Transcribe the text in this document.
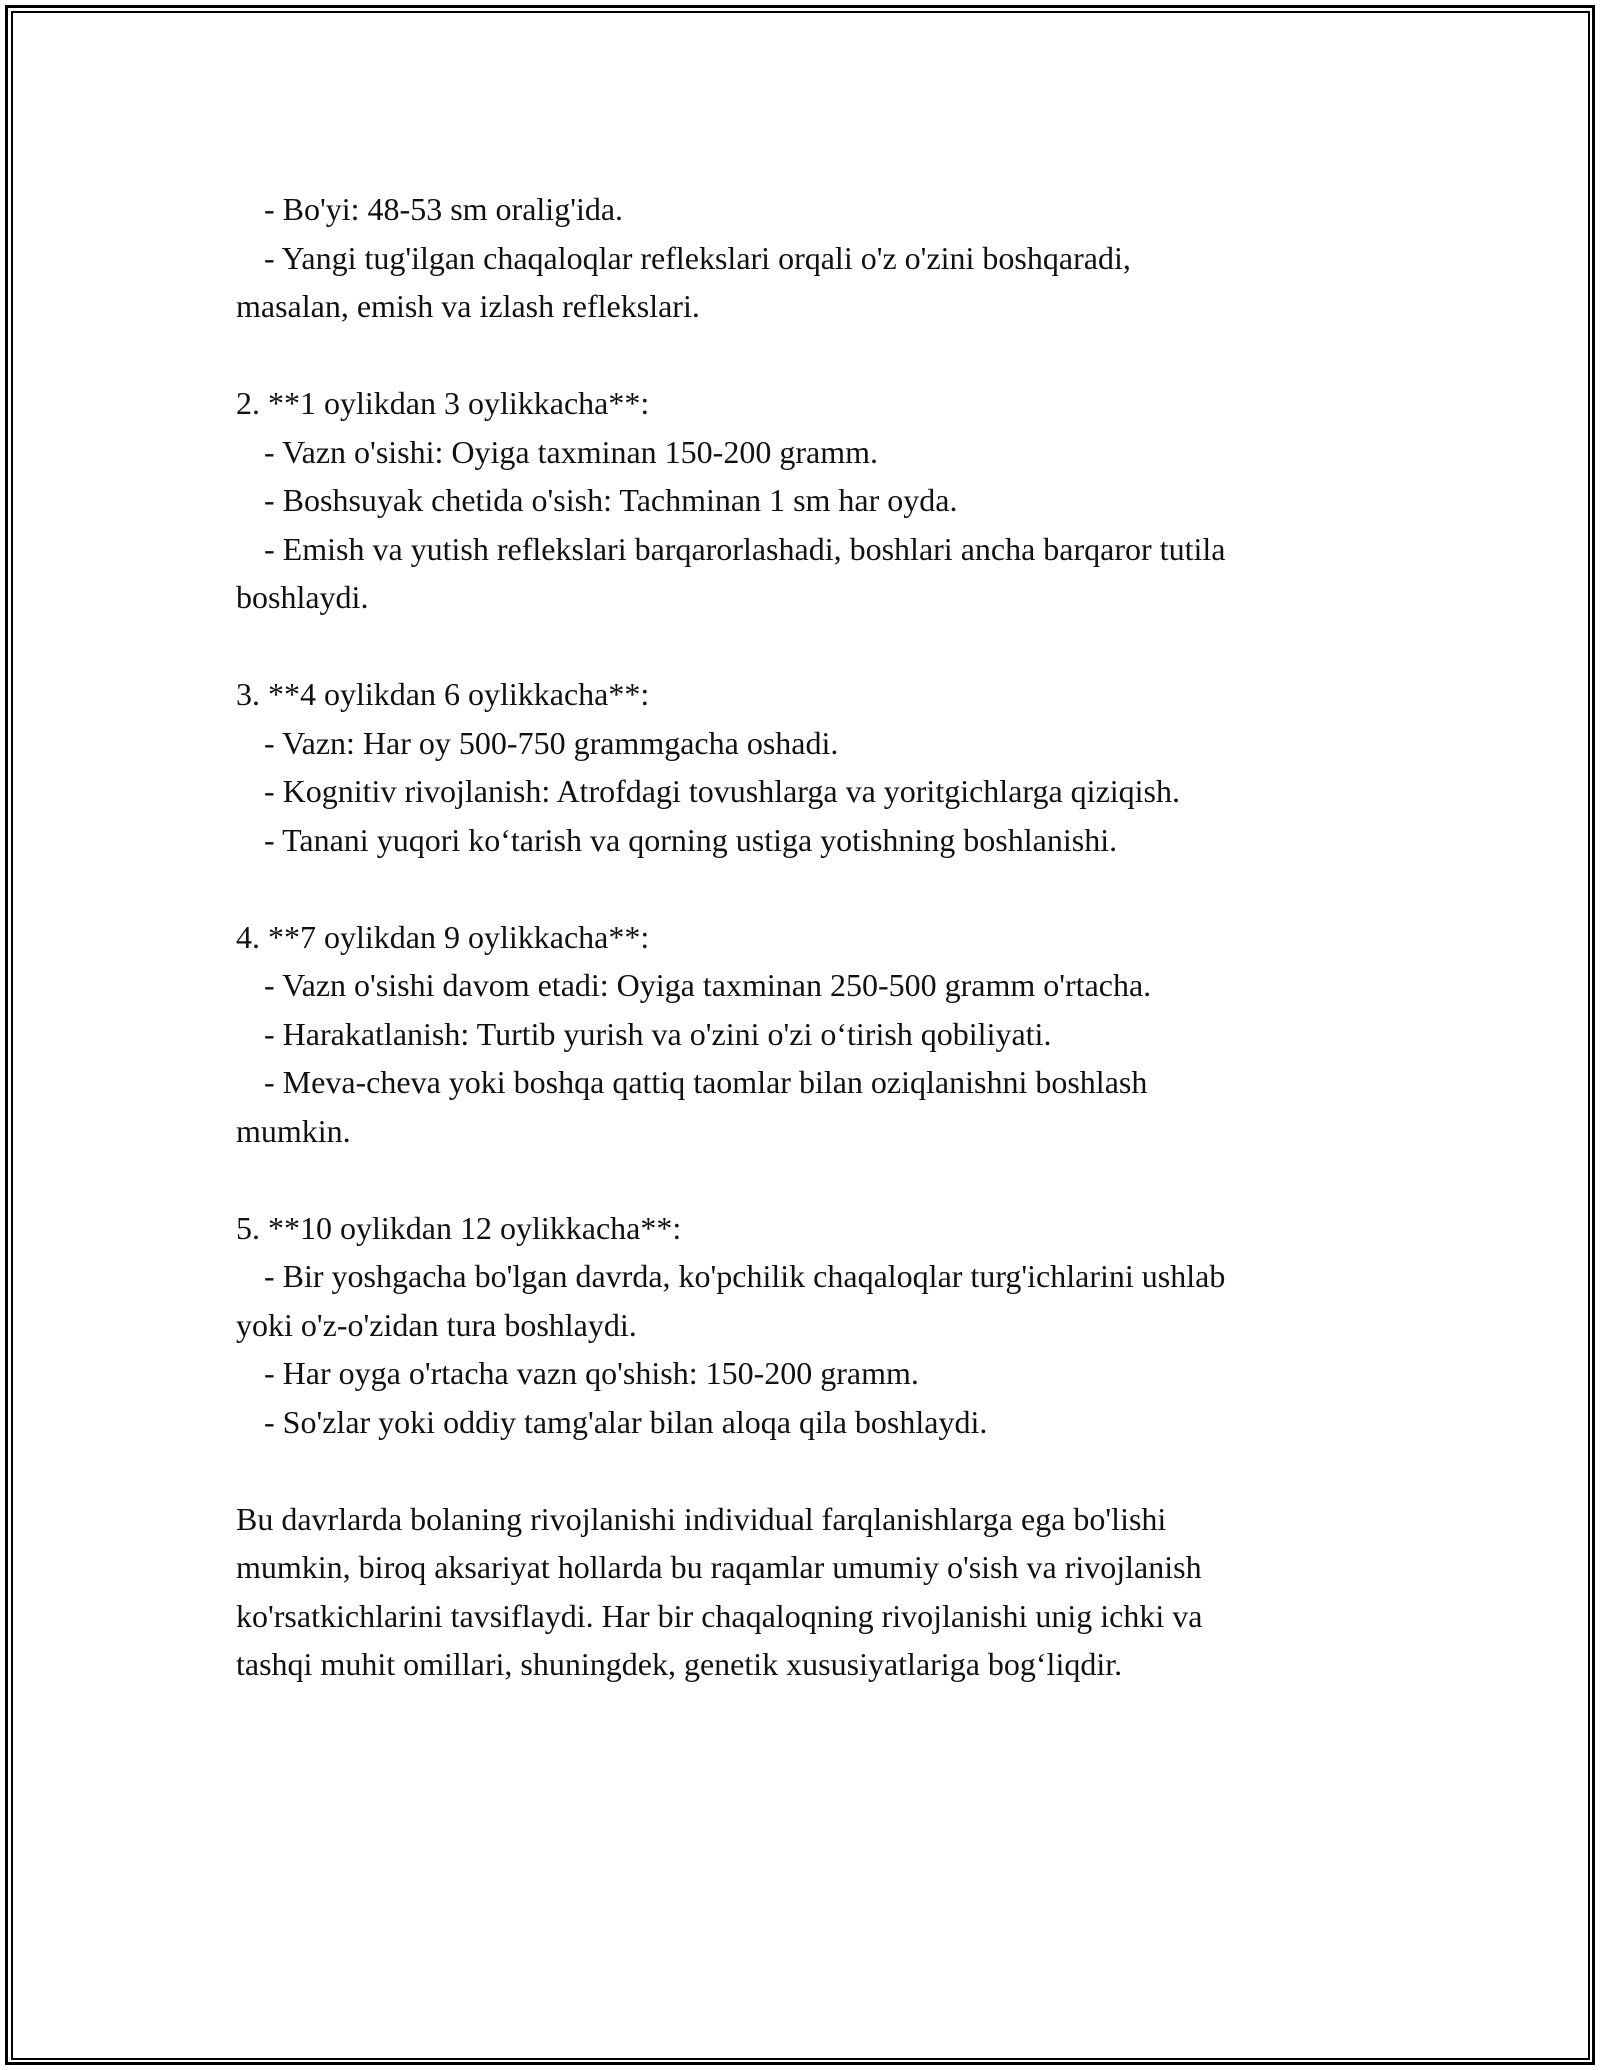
- Bo'yi: 48-53 sm oralig'ida.
- Yangi tug'ilgan chaqaloqlar reflekslari orqali o'z o'zini boshqaradi,
masalan, emish va izlash reflekslari.
2. **1 oylikdan 3 oylikkacha**:
- Vazn o'sishi: Oyiga taxminan 150-200 gramm.
- Boshsuyak chetida o'sish: Tachminan 1 sm har oyda.
- Emish va yutish reflekslari barqarorlashadi, boshlari ancha barqaror tutila
boshlaydi.
3. **4 oylikdan 6 oylikkacha**:
- Vazn: Har oy 500-750 grammgacha oshadi.
- Kognitiv rivojlanish: Atrofdagi tovushlarga va yoritgichlarga qiziqish.
- Tanani yuqori ko‘tarish va qorning ustiga yotishning boshlanishi.
4. **7 oylikdan 9 oylikkacha**:
- Vazn o'sishi davom etadi: Oyiga taxminan 250-500 gramm o'rtacha.
- Harakatlanish: Turtib yurish va o'zini o'zi o‘tirish qobiliyati.
- Meva-cheva yoki boshqa qattiq taomlar bilan oziqlanishni boshlash
mumkin.
5. **10 oylikdan 12 oylikkacha**:
- Bir yoshgacha bo'lgan davrda, ko'pchilik chaqaloqlar turg'ichlarini ushlab
yoki o'z-o'zidan tura boshlaydi.
- Har oyga o'rtacha vazn qo'shish: 150-200 gramm.
- So'zlar yoki oddiy tamg'alar bilan aloqa qila boshlaydi.
Bu davrlarda bolaning rivojlanishi individual farqlanishlarga ega bo'lishi
mumkin, biroq aksariyat hollarda bu raqamlar umumiy o'sish va rivojlanish
ko'rsatkichlarini tavsiflaydi. Har bir chaqaloqning rivojlanishi unig ichki va
tashqi muhit omillari, shuningdek, genetik xususiyatlariga bog‘liqdir.
